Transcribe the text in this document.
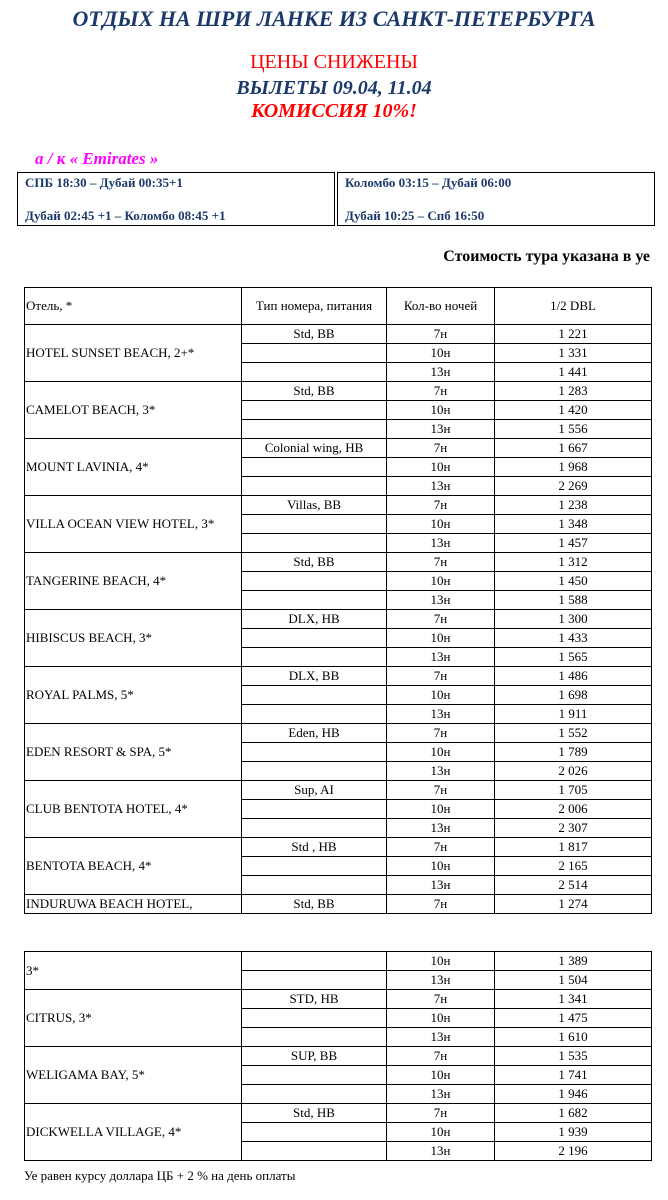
ОТДЫХ НА ШРИ ЛАНКЕ ИЗ САНКТ-ПЕТЕРБУРГА
ЦЕНЫ СНИЖЕНЫ
ВЫЛЕТЫ 09.04, 11.04
КОМИССИЯ 10%!
а / к « Emirates »
СПБ 18:30 – Дубай 00:35+1
Дубай 02:45 +1 – Коломбо 08:45 +1
Коломбо 03:15 – Дубай 06:00
Дубай 10:25 – Спб 16:50
Стоимость тура указана в уе
Отель, *	Тип номера, питания	Кол-во ночей	1/2 DBL
HOTEL SUNSET BEACH, 2+*	Std, BB	7н	1 221
		10н	1 331
		13н	1 441
CAMELOT BEACH, 3*	Std, BB	7н	1 283
		10н	1 420
		13н	1 556
MOUNT LAVINIA, 4*	Colonial wing, HB	7н	1 667
		10н	1 968
		13н	2 269
VILLA OCEAN VIEW HOTEL, 3*	Villas, BB	7н	1 238
		10н	1 348
		13н	1 457
TANGERINE BEACH, 4*	Std, BB	7н	1 312
		10н	1 450
		13н	1 588
HIBISCUS BEACH, 3*	DLX, HB	7н	1 300
		10н	1 433
		13н	1 565
ROYAL PALMS, 5*	DLX, BB	7н	1 486
		10н	1 698
		13н	1 911
EDEN RESORT & SPA, 5*	Eden, HB	7н	1 552
		10н	1 789
		13н	2 026
CLUB BENTOTA HOTEL, 4*	Sup, AI	7н	1 705
		10н	2 006
		13н	2 307
BENTOTA BEACH, 4*	Std , HB	7н	1 817
		10н	2 165
		13н	2 514
INDURUWA BEACH HOTEL,	Std, BB	7н	1 274
3*		10н	1 389
		13н	1 504
CITRUS, 3*	STD, HB	7н	1 341
		10н	1 475
		13н	1 610
WELIGAMA BAY, 5*	SUP, BB	7н	1 535
		10н	1 741
		13н	1 946
DICKWELLA VILLAGE, 4*	Std, HB	7н	1 682
		10н	1 939
		13н	2 196
Уе равен курсу доллара ЦБ + 2 % на день оплаты
